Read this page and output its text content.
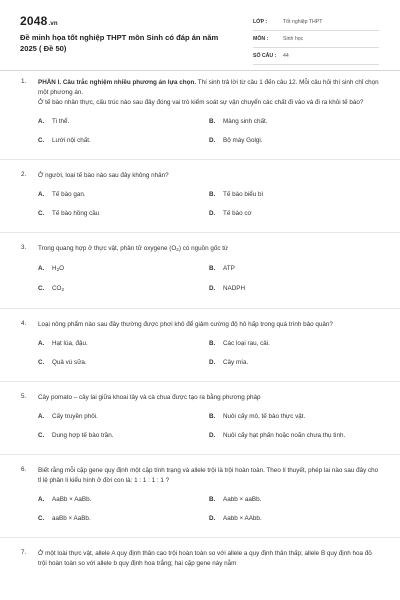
2048.vn
Đề minh họa tốt nghiệp THPT môn Sinh có đáp án năm 2025 ( Đề 50)
LỚP :	Tốt nghiệp THPT
MÔN :	Sinh học
SỐ CÂU :	44
1. PHẦN I. Câu trắc nghiệm nhiều phương án lựa chọn. Thí sinh trả lời từ câu 1 đến câu 12. Mỗi câu hỏi thí sinh chỉ chọn một phương án.
Ở tế bào nhân thực, cấu trúc nào sau đây đóng vai trò kiểm soát sự vận chuyển các chất đi vào và đi ra khỏi tế bào?
A.	Ti thể.	B.	Màng sinh chất.
C.	Lưới nội chất.	D.	Bộ máy Golgi.
2. Ở người, loại tế bào nào sau đây không nhân?
A.	Tế bào gan.	B.	Tế bào biểu bì
C.	Tế bào hồng cầu	D.	Tế bào cơ
3. Trong quang hợp ở thực vật, phân tử oxygene $(O_2)$ có nguồn gốc từ
A.	$H_2O$	B.	ATP
C.	$CO_2$	D.	NADPH
4. Loại nông phẩm nào sau đây thường được phơi khô để giảm cường độ hô hấp trong quá trình bảo quản?
A.	Hạt lúa, đậu.	B.	Các loại rau, cải.
C.	Quả vú sữa.	D.	Cây mía.
5. Cây pomato – cây lai giữa khoai tây và cà chua được tạo ra bằng phương pháp
A.	Cấy truyền phôi.	B.	Nuôi cấy mô, tế bào thực vật.
C.	Dung hợp tế bào trần.	D.	Nuôi cấy hạt phấn hoặc noãn chưa thụ tinh.
6. Biết rằng mỗi cặp gene quy định một cặp tính trạng và allele trội là trội hoàn toàn. Theo lí thuyết, phép lai nào sau đây cho tỉ lệ phân li kiểu hình ở đời con là: 1 : 1 : 1 : 1 ?
A.	AaBb × AaBb.	B.	Aabb × aaBb.
C.	aaBb × AaBb.	D.	Aabb × AAbb.
7. Ở một loài thực vật, allele A quy định thân cao trội hoàn toàn so với allele a quy định thân thấp; allele B quy định hoa đỏ trội hoàn toàn so với allele b quy định hoa trắng; hai cặp gene này nằm
